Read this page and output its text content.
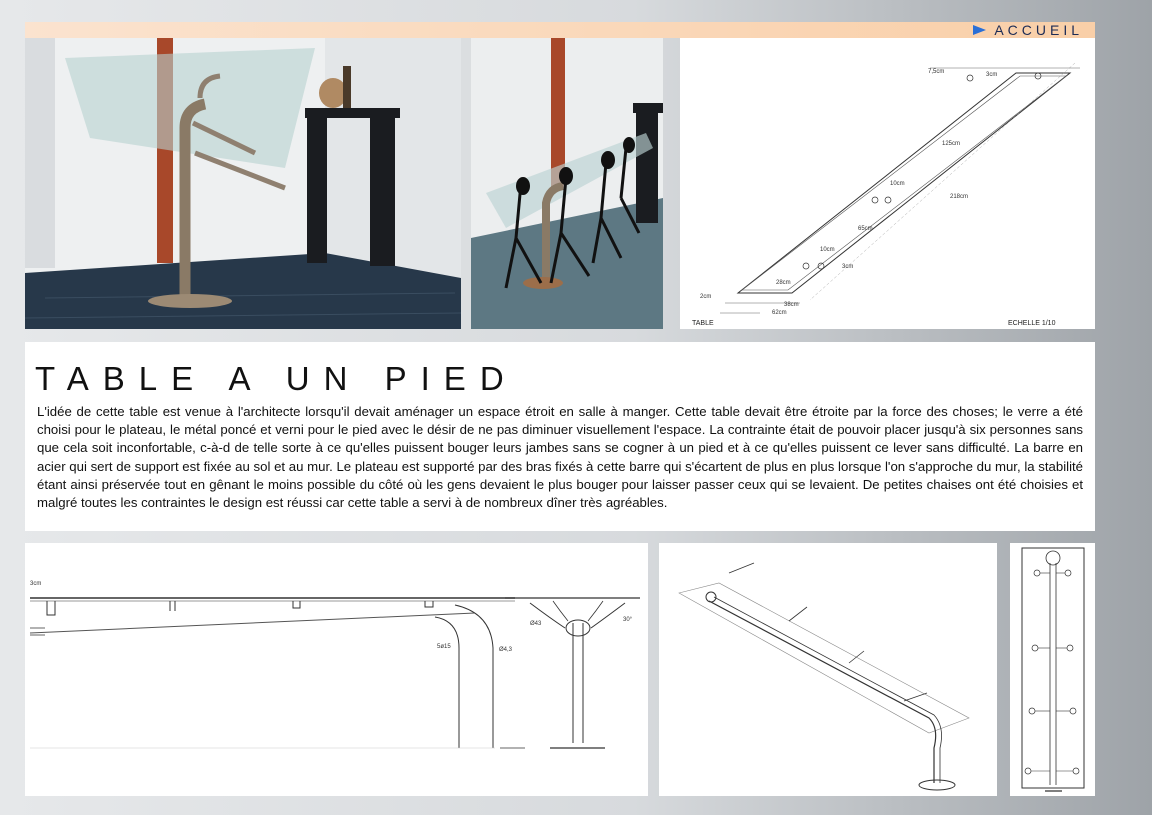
ACCUEIL
7,5cm	3cm
125cm
10cm
218cm
65cm
10cm
3cm
28cm
2cm
38cm
62cm
TABLE	ECHELLE 1/10
TABLE A UN PIED

L'idée de cette table est venue à l'architecte lorsqu'il devait aménager un espace étroit en salle à manger. Cette table devait être étroite par la force des choses; le verre a été choisi pour le plateau, le métal poncé et verni pour le pied avec le désir de ne pas diminuer visuellement l'espace. La contrainte était de pouvoir placer jusqu'à six personnes sans que cela soit inconfortable, c-à-d de telle sorte à ce qu'elles puissent bouger leurs jambes sans se cogner à un pied et à ce qu'elles puissent ce lever sans difficulté. La barre en acier qui sert de support est fixée au sol et au mur. Le plateau est supporté par des bras fixés à cette barre qui s'écartent de plus en plus lorsque l'on s'approche du mur, la stabilité étant ainsi préservée tout en gênant le moins possible du côté où les gens devaient le plus bouger pour laisser passer ceux qui se levaient. De petites chaises ont été choisies et malgré toutes les contraintes le design est réussi car cette table a servi à de nombreux dîner très agréables.

3cm
Ø43
5ø15	Ø4,3
30°
